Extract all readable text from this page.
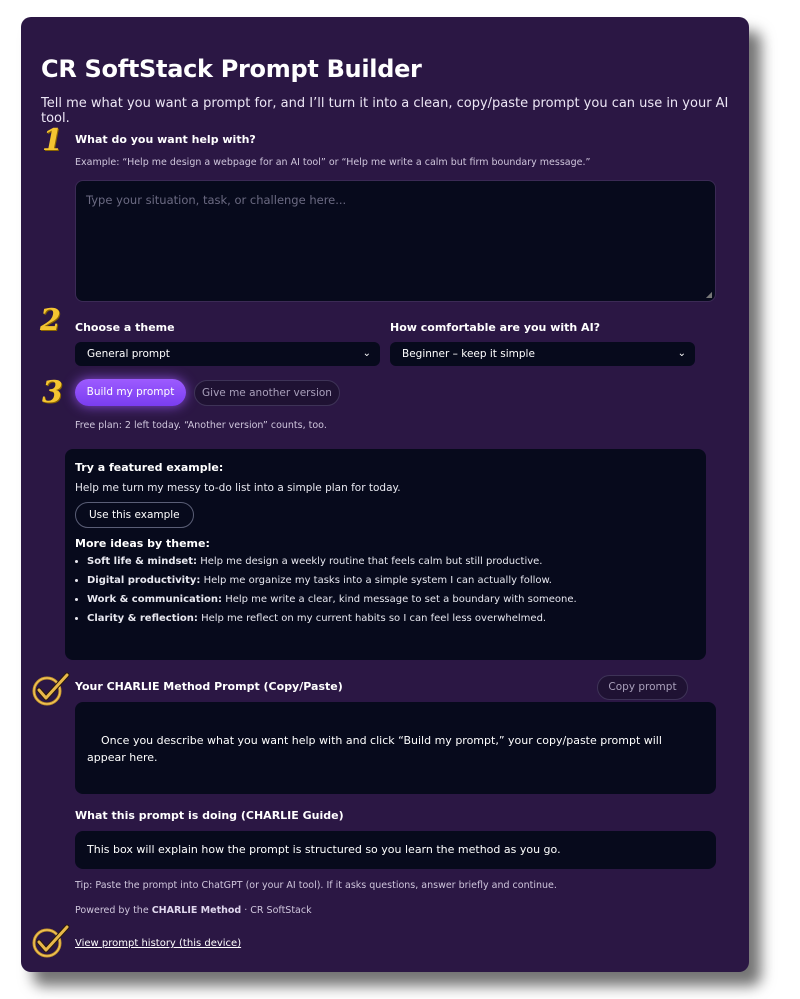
CR SoftStack Prompt Builder
Tell me what you want a prompt for, and I’ll turn it into a clean, copy/paste prompt you can use in your AI tool.
1 What do you want help with?
Example: “Help me design a webpage for an AI tool” or “Help me write a calm but firm boundary message.”
Type your situation, task, or challenge here...
◢
2 Choose a theme
General prompt	⌄
How comfortable are you with AI?
Beginner – keep it simple	⌄
3	Build my prompt	Give me another version
Free plan: 2 left today. “Another version” counts, too.
Try a featured example:
Help me turn my messy to-do list into a simple plan for today.
Use this example
More ideas by theme:
• Soft life & mindset: Help me design a weekly routine that feels calm but still productive.
• Digital productivity: Help me organize my tasks into a simple system I can actually follow.
• Work & communication: Help me write a clear, kind message to set a boundary with someone.
• Clarity & reflection: Help me reflect on my current habits so I can feel less overwhelmed.
Your CHARLIE Method Prompt (Copy/Paste)	Copy prompt
Once you describe what you want help with and click “Build my prompt,” your copy/paste prompt will appear here.
What this prompt is doing (CHARLIE Guide)
This box will explain how the prompt is structured so you learn the method as you go.
Tip: Paste the prompt into ChatGPT (or your AI tool). If it asks questions, answer briefly and continue.
Powered by the CHARLIE Method · CR SoftStack
View prompt history (this device)
